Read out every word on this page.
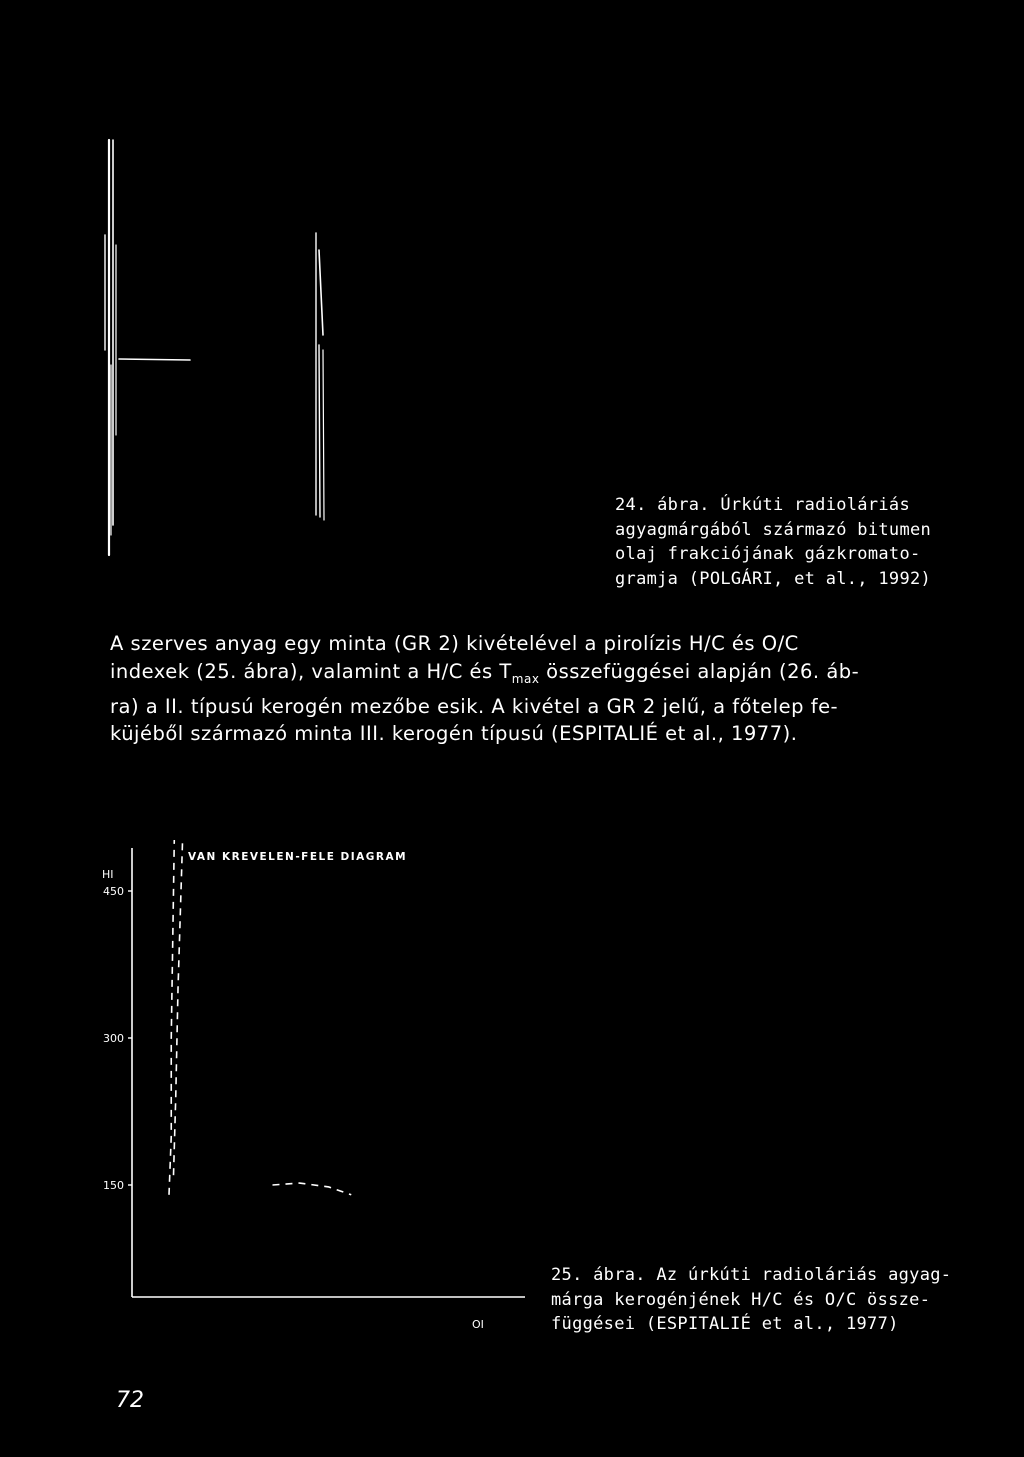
24. ábra. Úrkúti radioláriás
agyagmárgából származó bitumen
olaj frakciójának gázkromato-
gramja (POLGÁRI, et al., 1992)

A szerves anyag egy minta (GR 2) kivételével a pirolízis H/C és O/C

indexek (25. ábra), valamint a H/C és $T_{max}$ összefüggései alapján (26. áb-

ra) a II. típusú kerogén mezőbe esik. A kivétel a GR 2 jelű, a főtelep fe-

küjéből származó minta III. kerogén típusú (ESPITALIÉ et al., 1977).

VAN KREVELEN-FELE DIAGRAM
HI
OI
450
300
150
25. ábra. Az úrkúti radioláriás agyag-
márga kerogénjének H/C és O/C össze-
függései (ESPITALIÉ et al., 1977)
72
